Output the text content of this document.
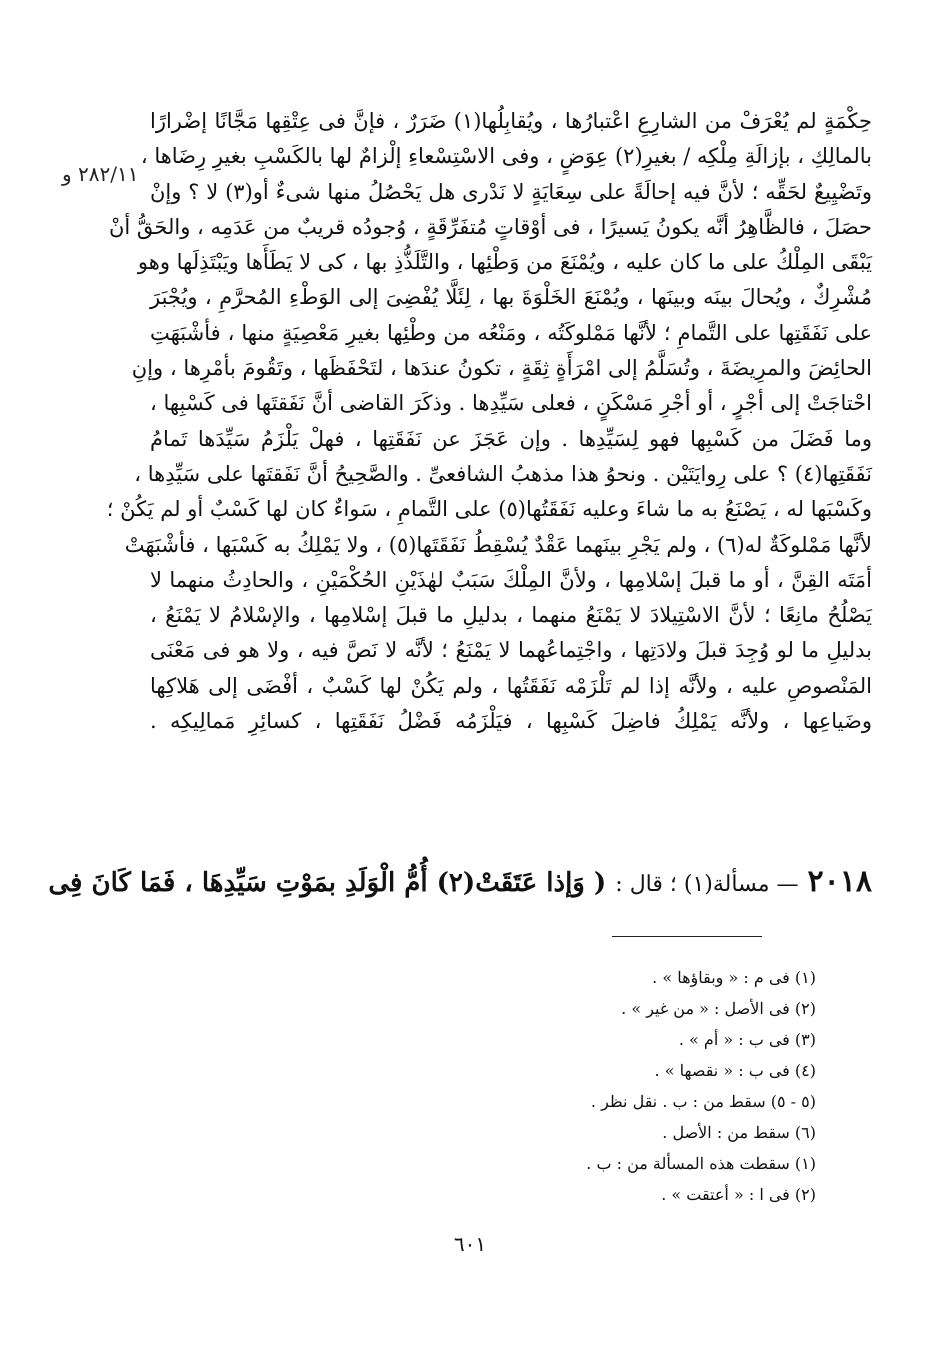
٢٨٢/١١ و
حِكْمَةٍ لم يُعْرَفْ من الشارِعِ اعْتبارُها ، ويُقابِلُها(١) ضَرَرٌ ، فإنَّ فى عِتْقِها مَجَّانًا إضْرارًا
بالمالِكِ ، بإزالَةِ مِلْكِه / بغيرِ(٢) عِوَضٍ ، وفى الاسْتِسْعاءِ إلْزامٌ لها بالكَسْبِ بغيرِ رِضَاها ،
وتَضْيِيعٌ لحَقِّه ؛ لأنَّ فيه إحالَةً على سِعَايَةٍ لا نَدْرى هل يَحْصُلُ منها شىءٌ أو(٣) لا ؟ وإنْ
حصَلَ ، فالظَّاهِرُ أنَّه يكونُ يَسيرًا ، فى أوْقاتٍ مُتفَرِّقَةٍ ، وُجودُه قريبٌ من عَدَمِه ، والحَقُّ أنْ
يَبْقَى المِلْكُ على ما كان عليه ، ويُمْنَعَ من وَطْئِها ، والتَّلَذُّذِ بها ، كى لا يَطَأَها ويَبْتَذِلَها وهو
مُشْرِكٌ ، ويُحالَ بينَه وبينَها ، ويُمْنَعَ الخَلْوَةَ بها ، لِئَلَّا يُفْضِىَ إلى الوَطْءِ المُحرَّمِ ، ويُجْبَرَ
على نَفَقَتِها على التَّمامِ ؛ لأنَّها مَمْلوكَتُه ، ومَنْعُه من وطْئِها بغيرِ مَعْصِيَةٍ منها ، فأشْبَهَتِ
الحائِضَ والمرِيضَةَ ، وتُسَلَّمُ إلى امْرَأَةٍ ثِقَةٍ ، تكونُ عندَها ، لتَحْفَظَها ، وتَقُومَ بأمْرِها ، وإنِ
احْتاجَتْ إلى أجْرٍ ، أو أجْرِ مَسْكَنٍ ، فعلى سَيِّدِها . وذكَرَ القاضى أنَّ نَفَقتَها فى كَسْبِها ،
وما فَضَلَ من كَسْبِها فهو لِسَيِّدِها . وإن عَجَزَ عن نَفَقَتِها ، فهلْ يَلْزَمُ سَيِّدَها تَمامُ
نَفَقَتِها(٤) ؟ على رِوايَتَيْن . ونحوُ هذا مذهبُ الشافعىِّ . والصَّحِيحُ أنَّ نَفَقتَها على سَيِّدِها ،
وكَسْبَها له ، يَصْنَعُ به ما شاءَ وعليه نَفَقَتُها(٥) على التَّمامِ ، سَواءٌ كان لها كَسْبٌ أو لم يَكُنْ ؛
لأنَّها مَمْلوكَةٌ له(٦) ، ولم يَجْرِ بينَهما عَقْدٌ يُسْقِطُ نَفَقَتَها(٥) ، ولا يَمْلِكُ به كَسْبَها ، فأشْبَهَتْ
أمَتَه القِنَّ ، أو ما قبلَ إسْلامِها ، ولأنَّ المِلْكَ سَبَبٌ لهٰذَيْنِ الحُكْمَيْنِ ، والحادِثُ منهما لا
يَصْلُحُ مانِعًا ؛ لأنَّ الاسْتِيلادَ لا يَمْنَعُ منهما ، بدليلِ ما قبلَ إسْلامِها ، والإسْلامُ لا يَمْنَعُ ،
بدليلِ ما لو وُجِدَ قبلَ ولادَتِها ، واجْتِماعُهما لا يَمْنَعُ ؛ لأنَّه لا نَصَّ فيه ، ولا هو فى مَعْنَى
المَنْصوصِ عليه ، ولأنَّه إذا لم تَلْزَمْه نَفَقَتُها ، ولم يَكُنْ لها كَسْبٌ ، أفْضَى إلى هَلاكِها
وضَياعِها ، ولأنَّه يَمْلِكُ فاضِلَ كَسْبِها ، فيَلْزَمُه فَضْلُ نَفَقَتِها ، كسائِرِ مَمالِيكِه .
٢٠١٨ — مسألة(١) ؛ قال : ( وَإذا عَتَقَتْ(٢) أُمُّ الْوَلَدِ بمَوْتِ سَيِّدِهَا ، فَمَا كَانَ فِى
(١) فى م : « وبقاؤها » .
(٢) فى الأصل : « من غير » .
(٣) فى ب : « أم » .
(٤) فى ب : « نقصها » .
(٥ - ٥) سقط من : ب . نقل نظر .
(٦) سقط من : الأصل .
(١) سقطت هذه المسألة من : ب .
(٢) فى ا : « أعتقت » .
٦٠١
